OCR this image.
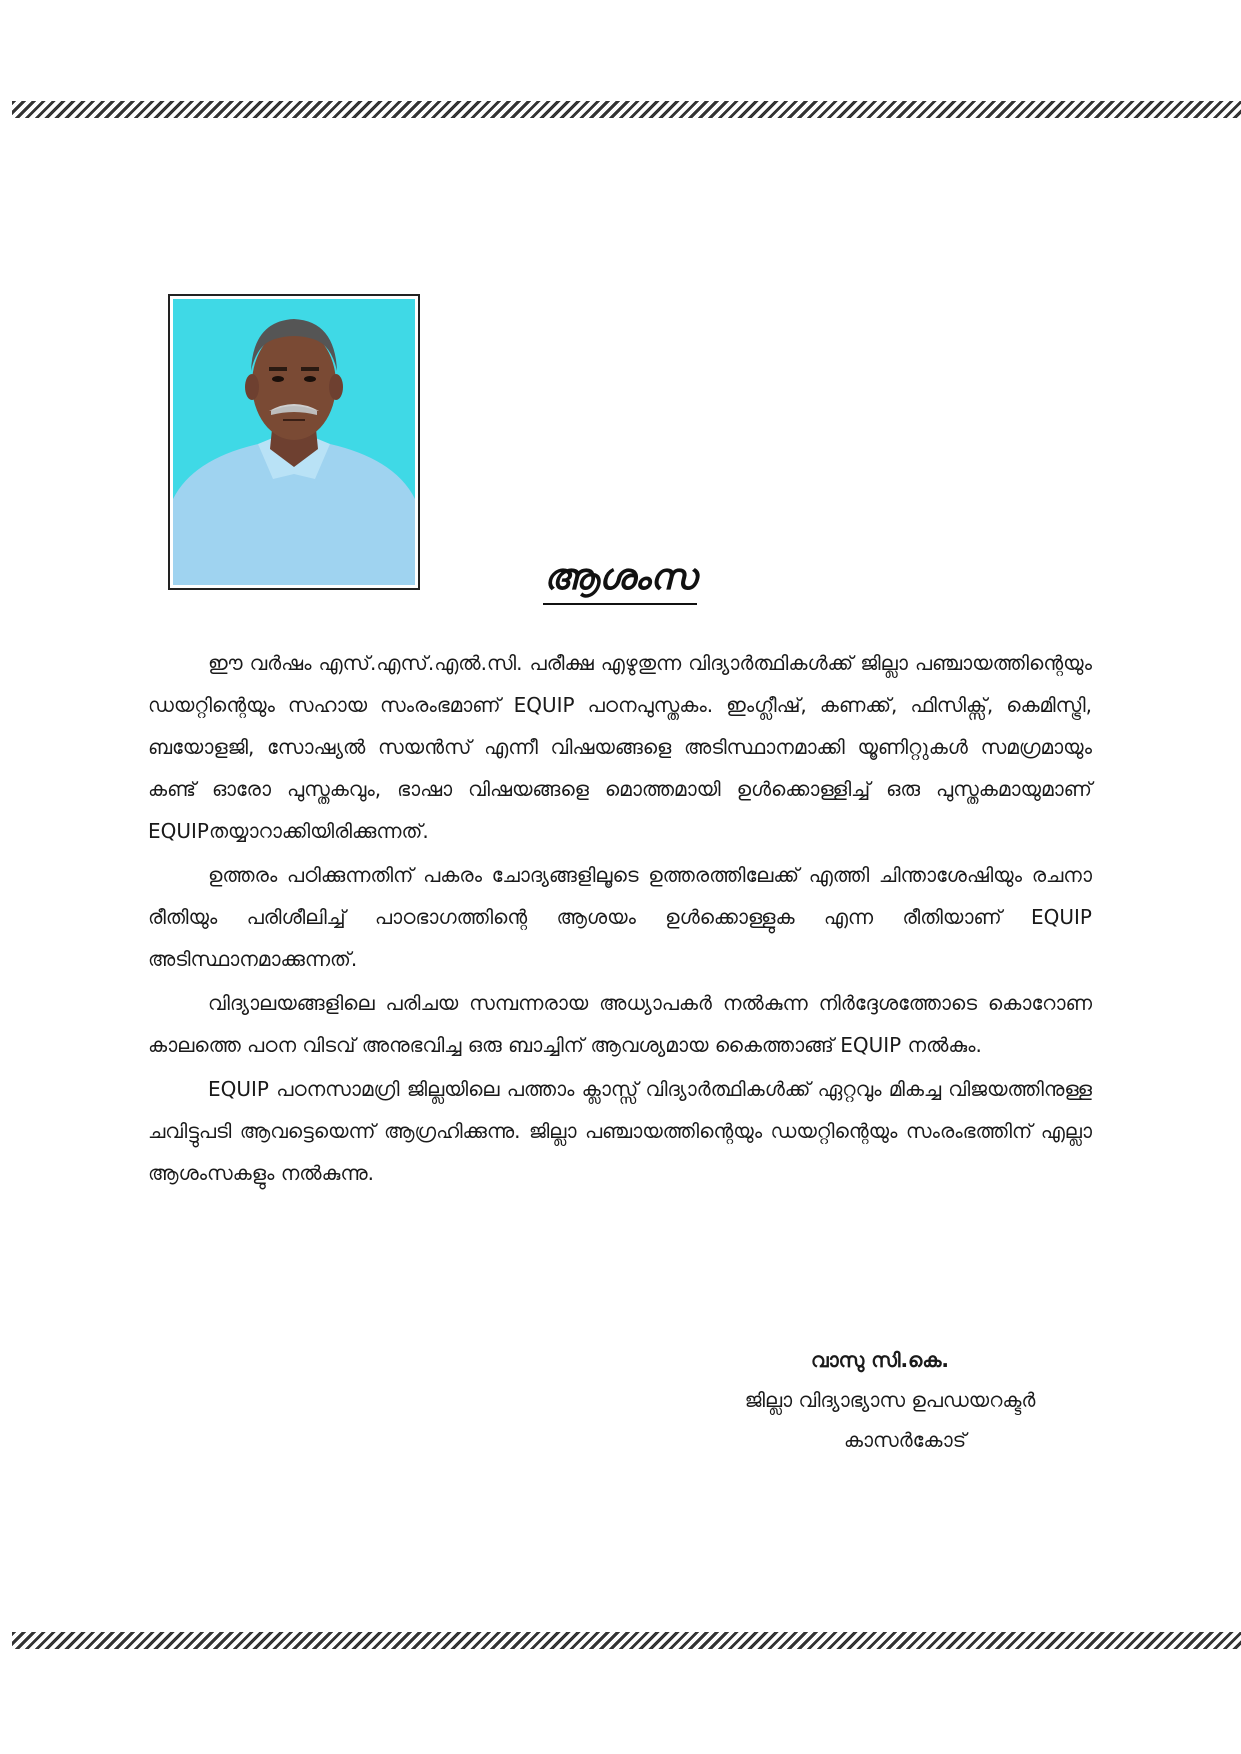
ആശംസ

ഈ വർഷം എസ്.എസ്.എൽ.സി. പരീക്ഷ എഴുതുന്ന വിദ്യാർത്ഥികൾക്ക് ജില്ലാ പഞ്ചായത്തിന്റെയും ഡയറ്റിന്റെയും സഹായ സംരംഭമാണ് EQUIP പഠനപുസ്തകം. ഇംഗ്ലീഷ്, കണക്ക്, ഫിസിക്സ്, കെമിസ്ട്രി, ബയോളജി, സോഷ്യൽ സയൻസ് എന്നീ വിഷയങ്ങളെ അടിസ്ഥാനമാക്കി യൂണിറ്റുകൾ സമഗ്രമായും കണ്ട് ഓരോ പുസ്തകവും, ഭാഷാ വിഷയങ്ങളെ മൊത്തമായി ഉൾക്കൊള്ളിച്ച് ഒരു പുസ്തകമായുമാണ് EQUIPതയ്യാറാക്കിയിരിക്കുന്നത്.

ഉത്തരം പഠിക്കുന്നതിന് പകരം ചോദ്യങ്ങളിലൂടെ ഉത്തരത്തിലേക്ക് എത്തി ചിന്താശേഷിയും രചനാ രീതിയും പരിശീലിച്ച് പാഠഭാഗത്തിന്റെ ആശയം ഉൾക്കൊള്ളുക എന്ന രീതിയാണ് EQUIP അടിസ്ഥാനമാക്കുന്നത്.

വിദ്യാലയങ്ങളിലെ പരിചയ സമ്പന്നരായ അധ്യാപകർ നൽകുന്ന നിർദ്ദേശത്തോടെ കൊറോണ കാലത്തെ പഠന വിടവ് അനുഭവിച്ച ഒരു ബാച്ചിന് ആവശ്യമായ കൈത്താങ്ങ് EQUIP നൽകും.

EQUIP പഠനസാമഗ്രി ജില്ലയിലെ പത്താം ക്ലാസ്സ് വിദ്യാർത്ഥികൾക്ക് ഏറ്റവും മികച്ച വിജയത്തിനുള്ള ചവിട്ടുപടി ആവട്ടെയെന്ന് ആഗ്രഹിക്കുന്നു. ജില്ലാ പഞ്ചായത്തിന്റെയും ഡയറ്റിന്റെയും സംരംഭത്തിന് എല്ലാ ആശംസകളും നൽകുന്നു.

വാസു സി.കെ.
ജില്ലാ വിദ്യാഭ്യാസ ഉപഡയറക്ടർ
കാസർകോട്
